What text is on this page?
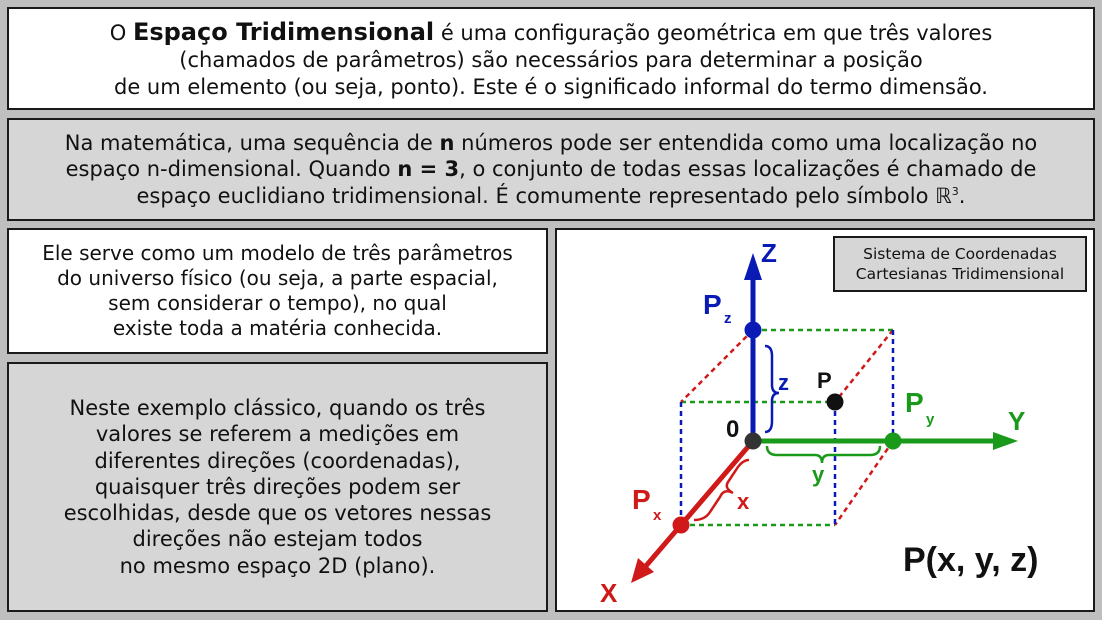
O Espaço Tridimensional é uma configuração geométrica em que três valores

(chamados de parâmetros) são necessários para determinar a posição

de um elemento (ou seja, ponto). Este é o significado informal do termo dimensão.

Na matemática, uma sequência de n números pode ser entendida como uma localização no

espaço n-dimensional. Quando n = 3, o conjunto de todas essas localizações é chamado de

espaço euclidiano tridimensional. É comumente representado pelo símbolo ℝ$^3$.

Ele serve como um modelo de três parâmetros

do universo físico (ou seja, a parte espacial,

sem considerar o tempo), no qual

existe toda a matéria conhecida.

Neste exemplo clássico, quando os três

valores se referem a medições em

diferentes direções (coordenadas),

quaisquer três direções podem ser

escolhidas, desde que os vetores nessas

direções não estejam todos

no mesmo espaço 2D (plano).

Z
Y
X
0
P z
P
y
P
x
P
z
y
x
P(x, y, z)
Sistema de Coordenadas
Cartesianas Tridimensional
